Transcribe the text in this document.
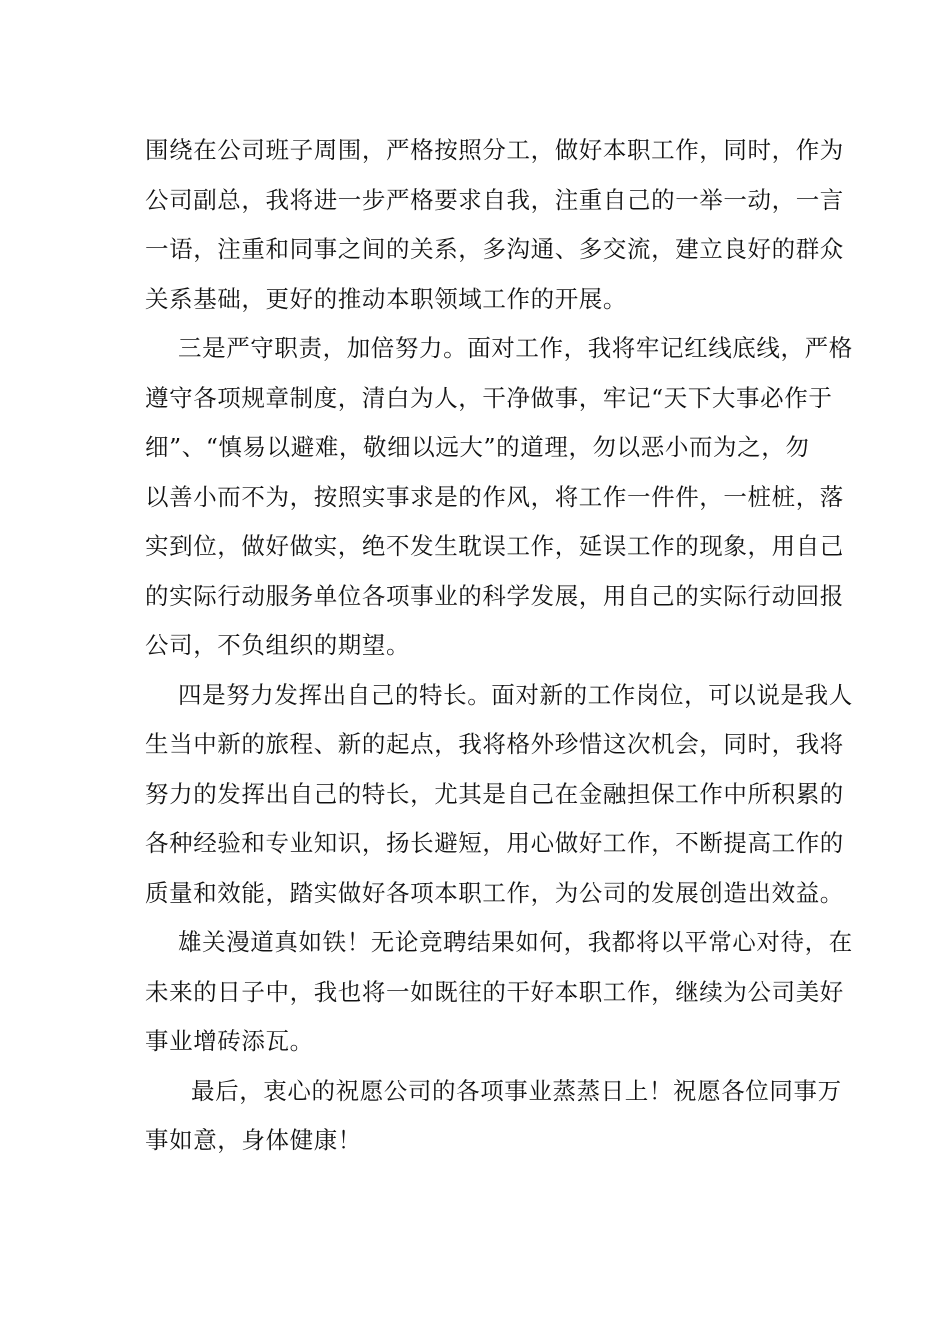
围绕在公司班子周围，严格按照分工，做好本职工作，同时，作为
公司副总，我将进一步严格要求自我，注重自己的一举一动，一言
一语，注重和同事之间的关系，多沟通、多交流，建立良好的群众
关系基础，更好的推动本职领域工作的开展。
三是严守职责，加倍努力。面对工作，我将牢记红线底线，严格
遵守各项规章制度，清白为人，干净做事，牢记“天下大事必作于
细”、“慎易以避难，敬细以远大”的道理，勿以恶小而为之，勿
以善小而不为，按照实事求是的作风，将工作一件件，一桩桩，落
实到位，做好做实，绝不发生耽误工作，延误工作的现象，用自己
的实际行动服务单位各项事业的科学发展，用自己的实际行动回报
公司，不负组织的期望。
四是努力发挥出自己的特长。面对新的工作岗位，可以说是我人
生当中新的旅程、新的起点，我将格外珍惜这次机会，同时，我将
努力的发挥出自己的特长，尤其是自己在金融担保工作中所积累的
各种经验和专业知识，扬长避短，用心做好工作，不断提高工作的
质量和效能，踏实做好各项本职工作，为公司的发展创造出效益。
雄关漫道真如铁！无论竞聘结果如何，我都将以平常心对待，在
未来的日子中，我也将一如既往的干好本职工作，继续为公司美好
事业增砖添瓦。
最后，衷心的祝愿公司的各项事业蒸蒸日上！祝愿各位同事万
事如意，身体健康！
